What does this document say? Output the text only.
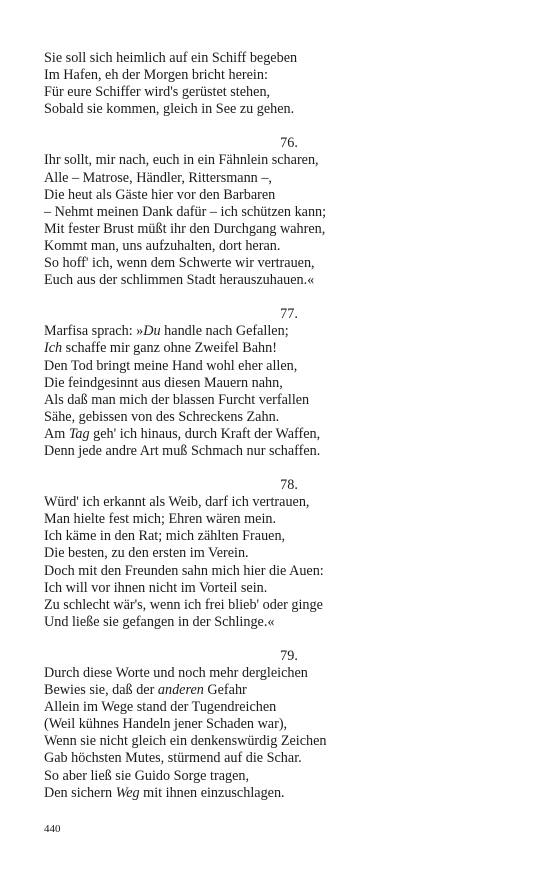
Sie soll sich heimlich auf ein Schiff begeben
Im Hafen, eh der Morgen bricht herein:
Für eure Schiffer wird's gerüstet stehen,
Sobald sie kommen, gleich in See zu gehen.
76.
Ihr sollt, mir nach, euch in ein Fähnlein scharen,
Alle – Matrose, Händler, Rittersmann –,
Die heut als Gäste hier vor den Barbaren
– Nehmt meinen Dank dafür – ich schützen kann;
Mit fester Brust müßt ihr den Durchgang wahren,
Kommt man, uns aufzuhalten, dort heran.
So hoff' ich, wenn dem Schwerte wir vertrauen,
Euch aus der schlimmen Stadt herauszuhauen.«
77.
Marfisa sprach: »Du handle nach Gefallen;
Ich schaffe mir ganz ohne Zweifel Bahn!
Den Tod bringt meine Hand wohl eher allen,
Die feindgesinnt aus diesen Mauern nahn,
Als daß man mich der blassen Furcht verfallen
Sähe, gebissen von des Schreckens Zahn.
Am Tag geh' ich hinaus, durch Kraft der Waffen,
Denn jede andre Art muß Schmach nur schaffen.
78.
Würd' ich erkannt als Weib, darf ich vertrauen,
Man hielte fest mich; Ehren wären mein.
Ich käme in den Rat; mich zählten Frauen,
Die besten, zu den ersten im Verein.
Doch mit den Freunden sahn mich hier die Auen:
Ich will vor ihnen nicht im Vorteil sein.
Zu schlecht wär's, wenn ich frei blieb' oder ginge
Und ließe sie gefangen in der Schlinge.«
79.
Durch diese Worte und noch mehr dergleichen
Bewies sie, daß der anderen Gefahr
Allein im Wege stand der Tugendreichen
(Weil kühnes Handeln jener Schaden war),
Wenn sie nicht gleich ein denkenswürdig Zeichen
Gab höchsten Mutes, stürmend auf die Schar.
So aber ließ sie Guido Sorge tragen,
Den sichern Weg mit ihnen einzuschlagen.
440
